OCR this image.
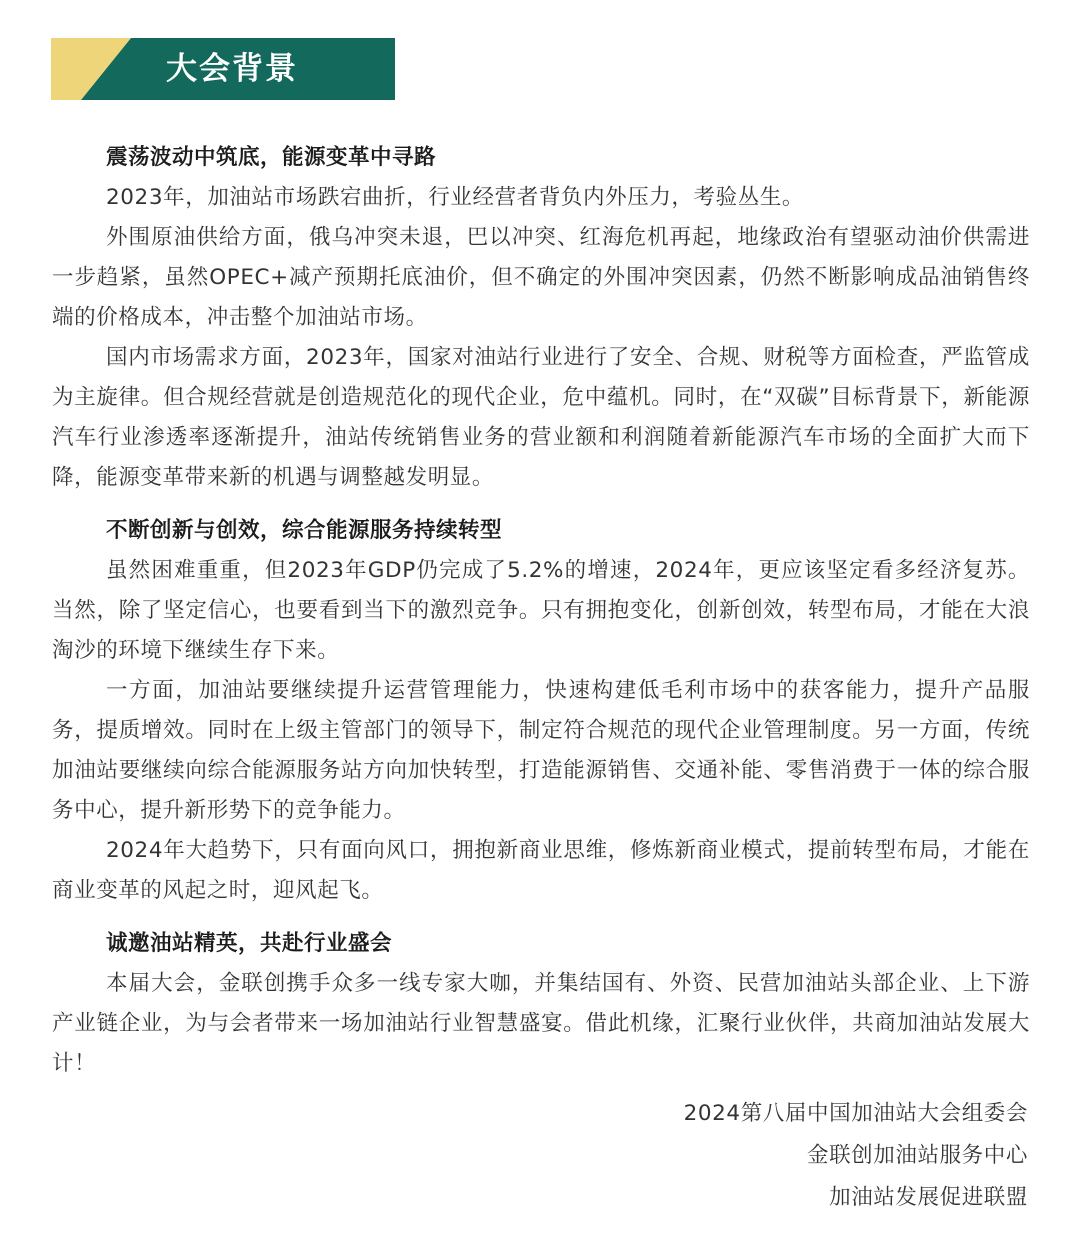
大会背景
震荡波动中筑底，能源变革中寻路

2023年，加油站市场跌宕曲折，行业经营者背负内外压力，考验丛生。

外围原油供给方面，俄乌冲突未退，巴以冲突、红海危机再起，地缘政治有望驱动油价供需进一步趋紧，虽然OPEC+减产预期托底油价，但不确定的外围冲突因素，仍然不断影响成品油销售终端的价格成本，冲击整个加油站市场。

国内市场需求方面，2023年，国家对油站行业进行了安全、合规、财税等方面检查，严监管成为主旋律。但合规经营就是创造规范化的现代企业，危中蕴机。同时，在“双碳”目标背景下，新能源汽车行业渗透率逐渐提升，油站传统销售业务的营业额和利润随着新能源汽车市场的全面扩大而下降，能源变革带来新的机遇与调整越发明显。

不断创新与创效，综合能源服务持续转型

虽然困难重重，但2023年GDP仍完成了5.2%的增速，2024年，更应该坚定看多经济复苏。当然，除了坚定信心，也要看到当下的激烈竞争。只有拥抱变化，创新创效，转型布局，才能在大浪淘沙的环境下继续生存下来。

一方面，加油站要继续提升运营管理能力，快速构建低毛利市场中的获客能力，提升产品服务，提质增效。同时在上级主管部门的领导下，制定符合规范的现代企业管理制度。另一方面，传统加油站要继续向综合能源服务站方向加快转型，打造能源销售、交通补能、零售消费于一体的综合服务中心，提升新形势下的竞争能力。

2024年大趋势下，只有面向风口，拥抱新商业思维，修炼新商业模式，提前转型布局，才能在商业变革的风起之时，迎风起飞。

诚邀油站精英，共赴行业盛会

本届大会，金联创携手众多一线专家大咖，并集结国有、外资、民营加油站头部企业、上下游产业链企业，为与会者带来一场加油站行业智慧盛宴。借此机缘，汇聚行业伙伴，共商加油站发展大计！

2024第八届中国加油站大会组委会
金联创加油站服务中心
加油站发展促进联盟
